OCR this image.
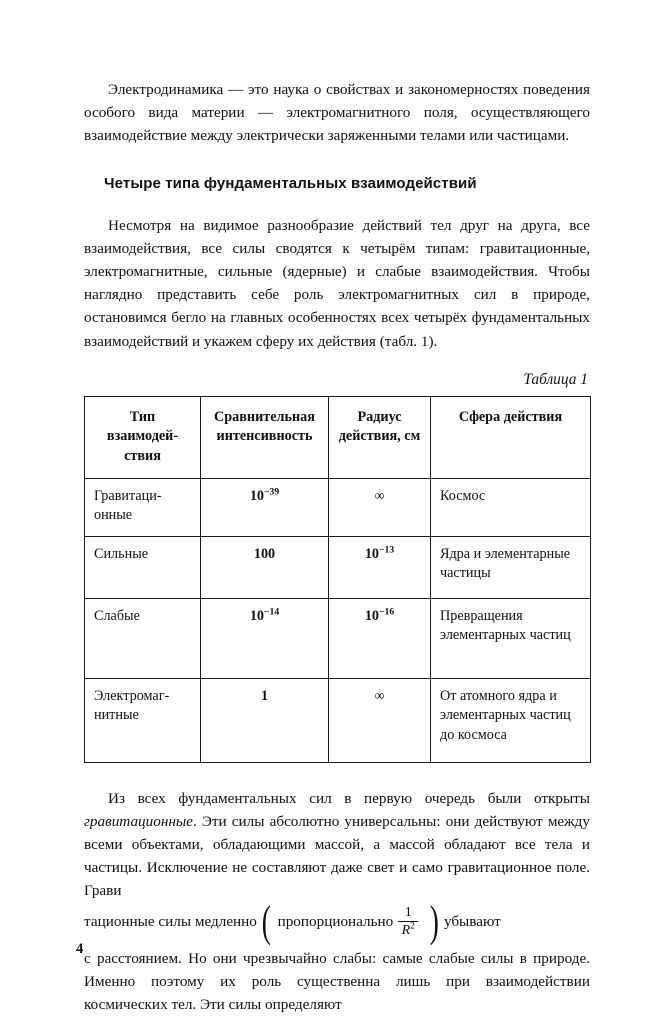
Электродинамика — это наука о свойствах и закономерностях поведения особого вида материи — электромагнитного поля, осуществляющего взаимодействие между электрически заряженными телами или частицами.

Четыре типа фундаментальных взаимодействий

Несмотря на видимое разнообразие действий тел друг на друга, все взаимодействия, все силы сводятся к четырём типам: гравитационные, электромагнитные, сильные (ядерные) и слабые взаимодействия. Чтобы наглядно представить себе роль электромагнитных сил в природе, остановимся бегло на главных особенностях всех четырёх фундаментальных взаимодействий и укажем сферу их действия (табл. 1).

Таблица 1
Тип взаимодействия	Сравнительная интенсивность	Радиус действия, см	Сфера действия
Гравитационные	$10^{-39}$	∞	Космос
Сильные	100	$10^{-13}$	Ядра и элементарные частицы
Слабые	$10^{-14}$	$10^{-16}$	Превращения элементарных частиц
Электромагнитные	1	∞	От атомного ядра и элементарных частиц до космоса

Из всех фундаментальных сил в первую очередь были открыты гравитационные. Эти силы абсолютно универсальны: они действуют между всеми объектами, обладающими массой, а массой обладают все тела и частицы. Исключение не составляют даже свет и само гравитационное поле. Грави

тационные силы медленно ( пропорционально $\frac{1}{R^2}$ ) убывают

с расстоянием. Но они чрезвычайно слабы: самые слабые силы в природе. Именно поэтому их роль существенна лишь при взаимодействии космических тел. Эти силы определяют

4
